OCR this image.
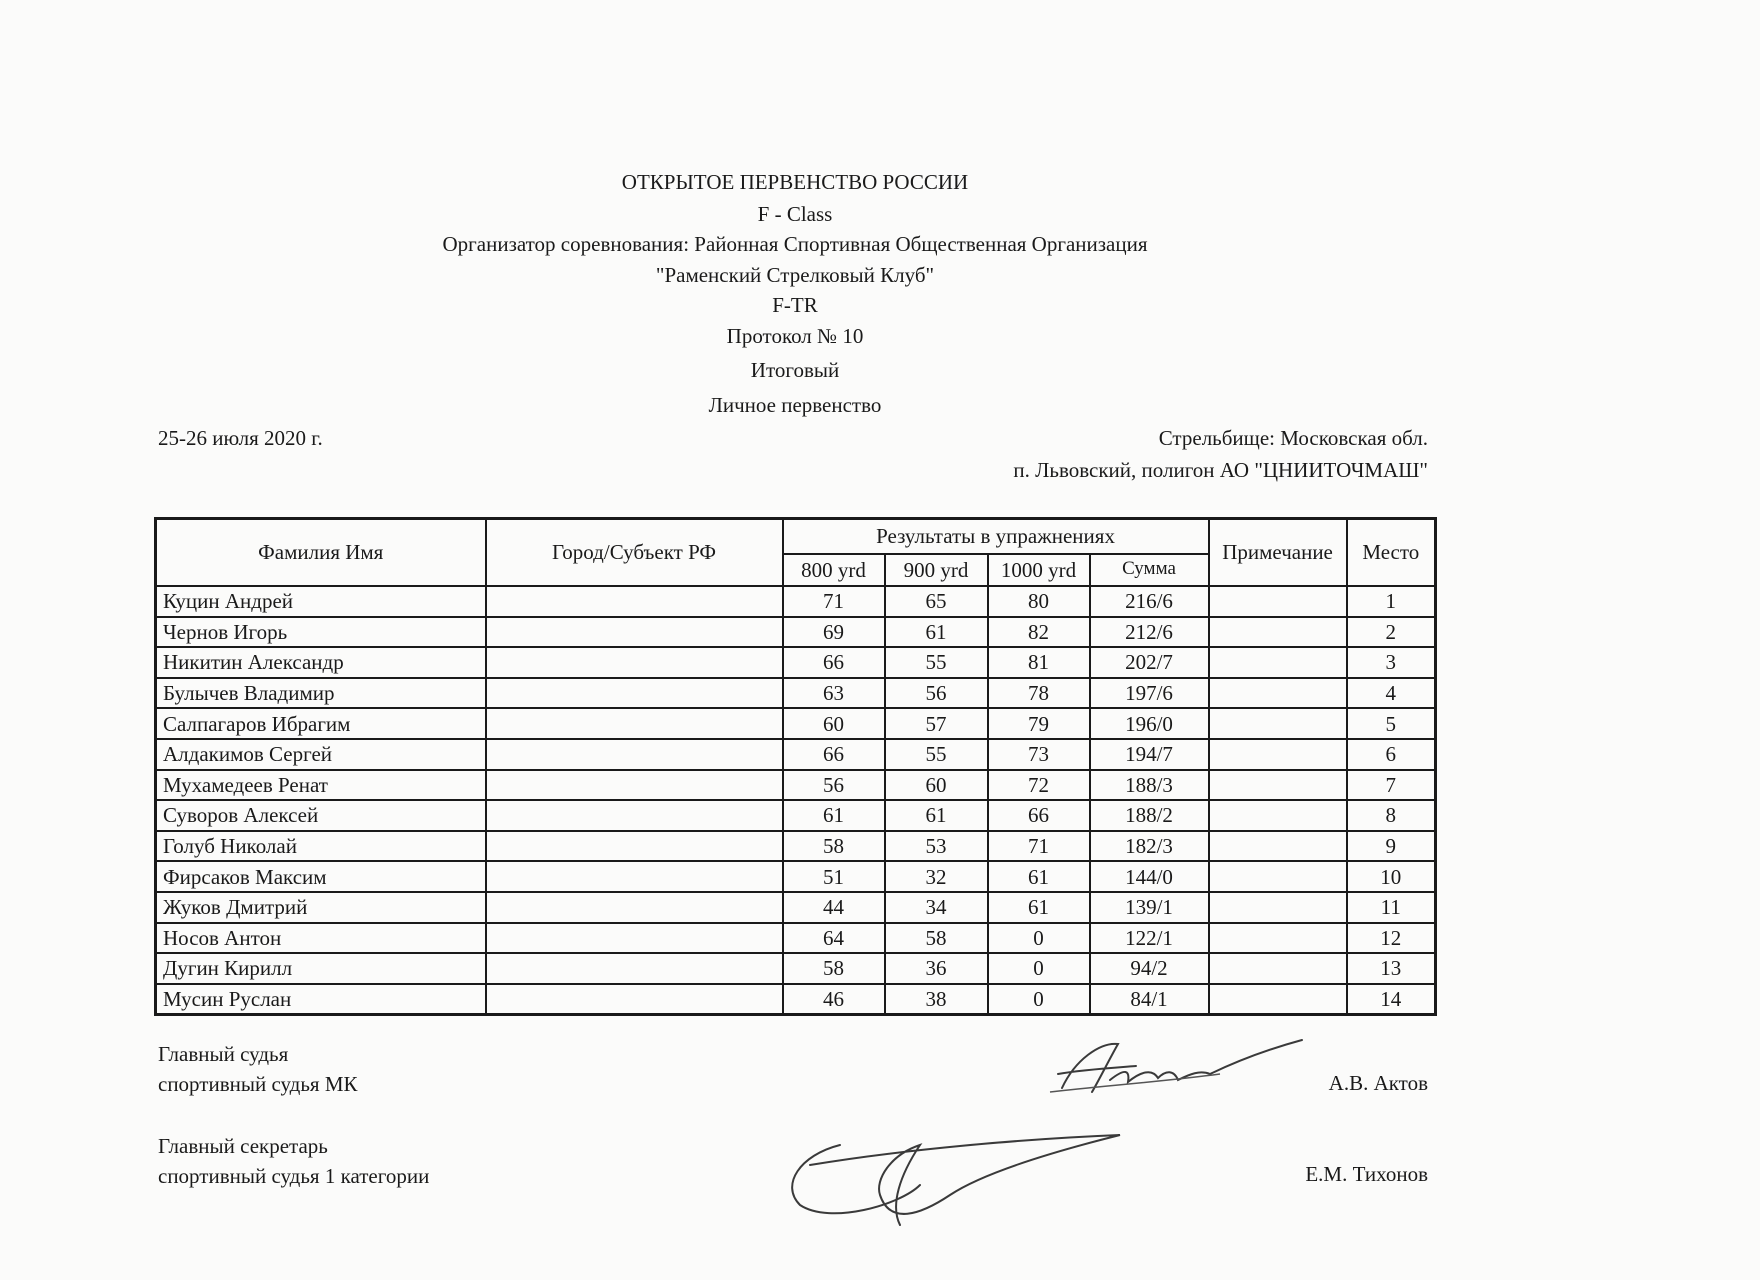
ОТКРЫТОЕ ПЕРВЕНСТВО РОССИИ
F - Class
Организатор соревнования: Районная Спортивная Общественная Организация
"Раменский Стрелковый Клуб"
F-TR
Протокол № 10
Итоговый
Личное первенство
25-26 июля 2020 г.	Стрельбище: Московская обл.
п. Львовский, полигон АО "ЦНИИТОЧМАШ"
Фамилия Имя	Город/Субъект РФ	Результаты в упражнениях				Примечание	Место
		800 yrd	900 yrd	1000 yrd	Сумма		
Куцин Андрей		71	65	80	216/6		1
Чернов Игорь		69	61	82	212/6		2
Никитин Александр		66	55	81	202/7		3
Булычев Владимир		63	56	78	197/6		4
Салпагаров Ибрагим		60	57	79	196/0		5
Алдакимов Сергей		66	55	73	194/7		6
Мухамедеев Ренат		56	60	72	188/3		7
Суворов Алексей		61	61	66	188/2		8
Голуб Николай		58	53	71	182/3		9
Фирсаков Максим		51	32	61	144/0		10
Жуков Дмитрий		44	34	61	139/1		11
Носов Антон		64	58	0	122/1		12
Дугин Кирилл		58	36	0	94/2		13
Мусин Руслан		46	38	0	84/1		14
Главный судья
спортивный судья МК	А.В. Актов
Главный секретарь
спортивный судья 1 категории	Е.М. Тихонов
